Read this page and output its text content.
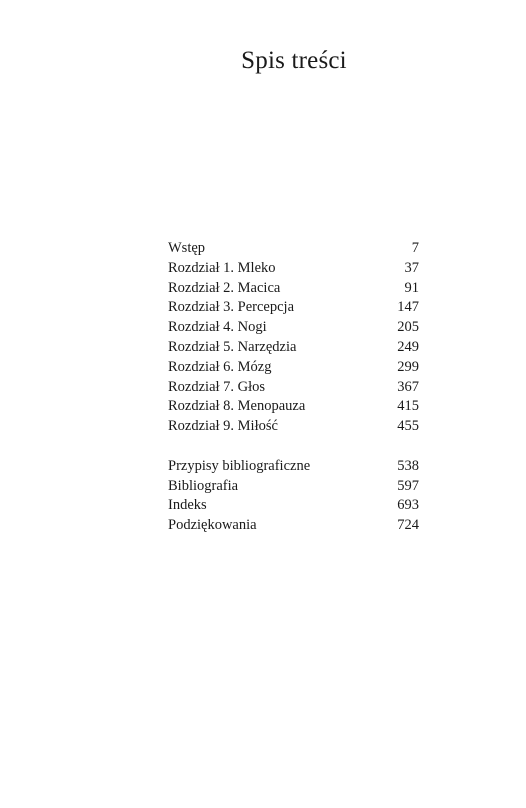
Spis treści
Wstęp	7
Rozdział 1. Mleko	37
Rozdział 2. Macica	91
Rozdział 3. Percepcja	147
Rozdział 4. Nogi	205
Rozdział 5. Narzędzia	249
Rozdział 6. Mózg	299
Rozdział 7. Głos	367
Rozdział 8. Menopauza	415
Rozdział 9. Miłość	455
Przypisy bibliograficzne	538
Bibliografia	597
Indeks	693
Podziękowania	724
